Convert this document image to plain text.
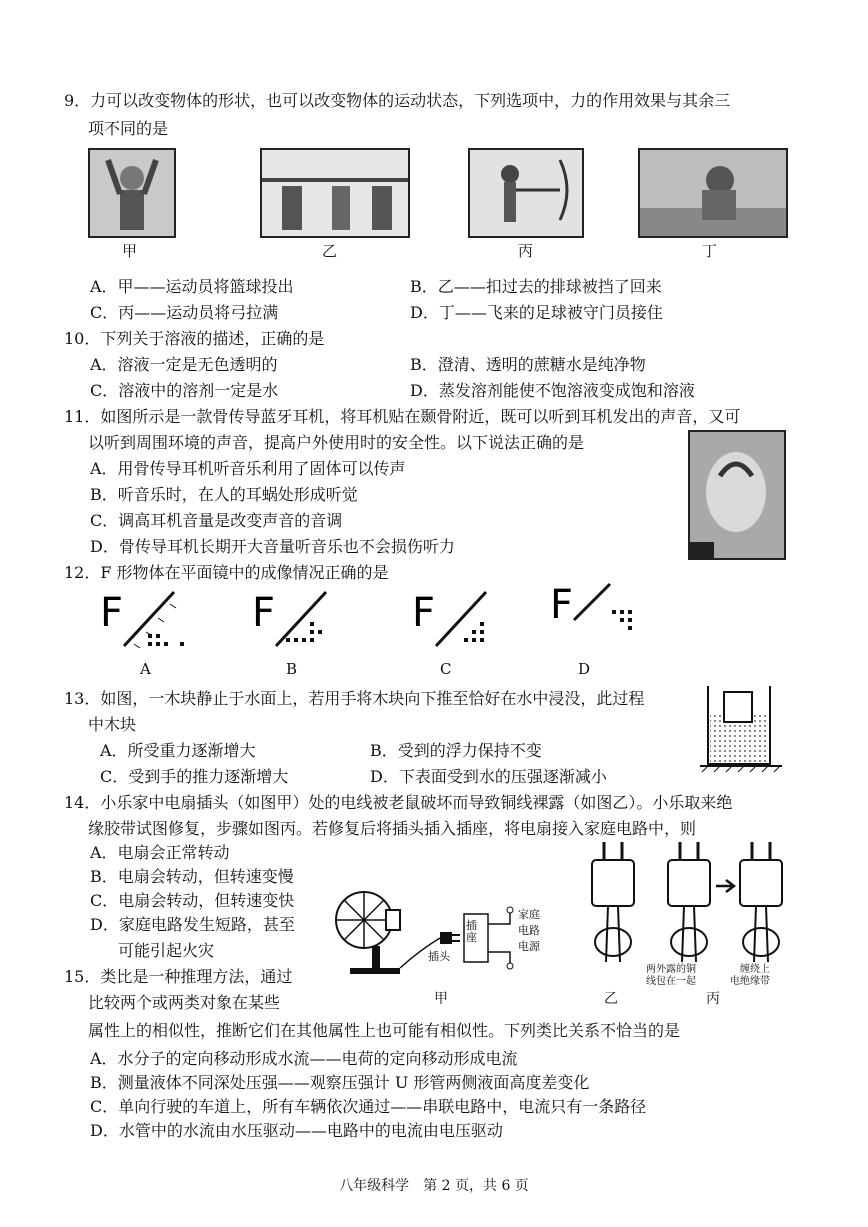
9．力可以改变物体的形状，也可以改变物体的运动状态，下列选项中，力的作用效果与其余三
项不同的是
甲	乙	丙	丁
A．甲——运动员将篮球投出	B．乙——扣过去的排球被挡了回来
C．丙——运动员将弓拉满	D．丁——飞来的足球被守门员接住
10．下列关于溶液的描述，正确的是
A．溶液一定是无色透明的	B．澄清、透明的蔗糖水是纯净物
C．溶液中的溶剂一定是水	D．蒸发溶剂能使不饱溶液变成饱和溶液
11．如图所示是一款骨传导蓝牙耳机，将耳机贴在颞骨附近，既可以听到耳机发出的声音，又可
以听到周围环境的声音，提高户外使用时的安全性。以下说法正确的是
A．用骨传导耳机听音乐利用了固体可以传声
B．听音乐时，在人的耳蜗处形成听觉
C．调高耳机音量是改变声音的音调
D．骨传导耳机长期开大音量听音乐也不会损伤听力
12．F 形物体在平面镜中的成像情况正确的是
F	F	F	F
A	B	C	D
13．如图，一木块静止于水面上，若用手将木块向下推至恰好在水中浸没，此过程
中木块
A．所受重力逐渐增大	B．受到的浮力保持不变
C．受到手的推力逐渐增大	D．下表面受到水的压强逐渐减小
14．小乐家中电扇插头（如图甲）处的电线被老鼠破坏而导致铜线裸露（如图乙）。小乐取来绝
缘胶带试图修复，步骤如图丙。若修复后将插头插入插座，将电扇接入家庭电路中，则
A．电扇会正常转动
B．电扇会转动，但转速变慢
C．电扇会转动，但转速变快
D．家庭电路发生短路，甚至
可能引起火灾
插座
插头
家庭
电路
电源
甲
两外露的铜
线包在一起
缠绕上
电绝缘带
乙	丙
15．类比是一种推理方法，通过
比较两个或两类对象在某些
属性上的相似性，推断它们在其他属性上也可能有相似性。下列类比关系不恰当的是
A．水分子的定向移动形成水流——电荷的定向移动形成电流
B．测量液体不同深处压强——观察压强计 U 形管两侧液面高度差变化
C．单向行驶的车道上，所有车辆依次通过——串联电路中，电流只有一条路径
D．水管中的水流由水压驱动——电路中的电流由电压驱动
八年级科学　第 2 页，共 6 页
